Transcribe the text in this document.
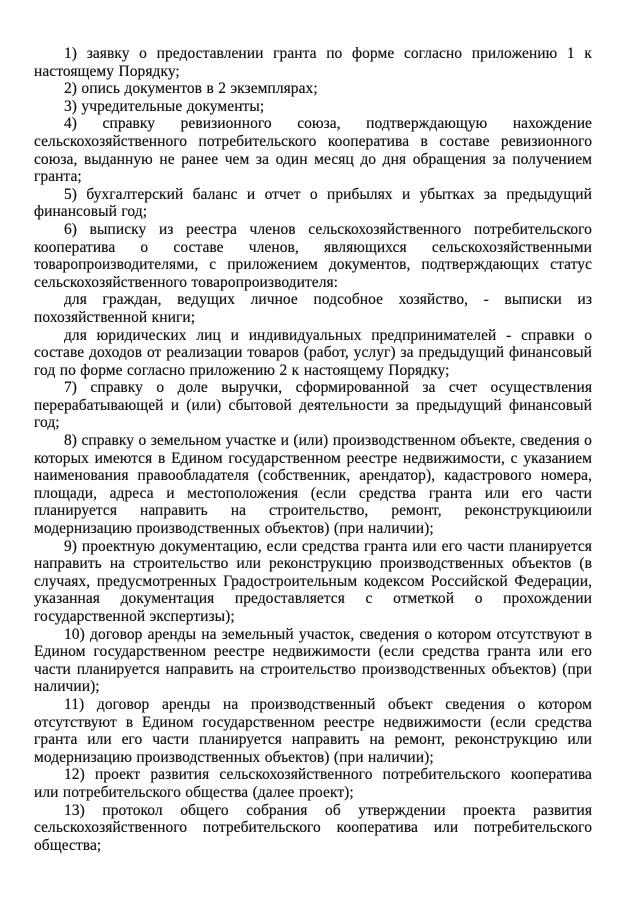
1) заявку о предоставлении гранта по форме согласно приложению 1 к настоящему Порядку;

2) опись документов в 2 экземплярах;

3) учредительные документы;

4) справку ревизионного союза, подтверждающую нахождение сельскохозяйственного потребительского кооператива в составе ревизионного союза, выданную не ранее чем за один месяц до дня обращения за получением гранта;

5) бухгалтерский баланс и отчет о прибылях и убытках за предыдущий финансовый год;

6) выписку из реестра членов сельскохозяйственного потребительского кооператива о составе членов, являющихся сельскохозяйственными товаропроизводителями, с приложением документов, подтверждающих статус сельскохозяйственного товаропроизводителя:

для граждан, ведущих личное подсобное хозяйство, - выписки из похозяйственной книги;

для юридических лиц и индивидуальных предпринимателей - справки о составе доходов от реализации товаров (работ, услуг) за предыдущий финансовый год по форме согласно приложению 2 к настоящему Порядку;

7) справку о доле выручки, сформированной за счет осуществления перерабатывающей и (или) сбытовой деятельности за предыдущий финансовый год;

8) справку о земельном участке и (или) производственном объекте, сведения о которых имеются в Едином государственном реестре недвижимости, с указанием наименования правообладателя (собственник, арендатор), кадастрового номера, площади, адреса и местоположения (если средства гранта или его части планируется направить на строительство, ремонт, реконструкциюили модернизацию производственных объектов) (при наличии);

9) проектную документацию, если средства гранта или его части планируется направить на строительство или реконструкцию производственных объектов (в случаях, предусмотренных Градостроительным кодексом Российской Федерации, указанная документация предоставляется с отметкой о прохождении государственной экспертизы);

10) договор аренды на земельный участок, сведения о котором отсутствуют в Едином государственном реестре недвижимости (если средства гранта или его части планируется направить на строительство производственных объектов) (при наличии);

11) договор аренды на производственный объект сведения о котором отсутствуют в Едином государственном реестре недвижимости (если средства гранта или его части планируется направить на ремонт, реконструкцию или модернизацию производственных объектов) (при наличии);

12) проект развития сельскохозяйственного потребительского кооператива или потребительского общества (далее проект);

13) протокол общего собрания об утверждении проекта развития сельскохозяйственного потребительского кооператива или потребительского общества;
